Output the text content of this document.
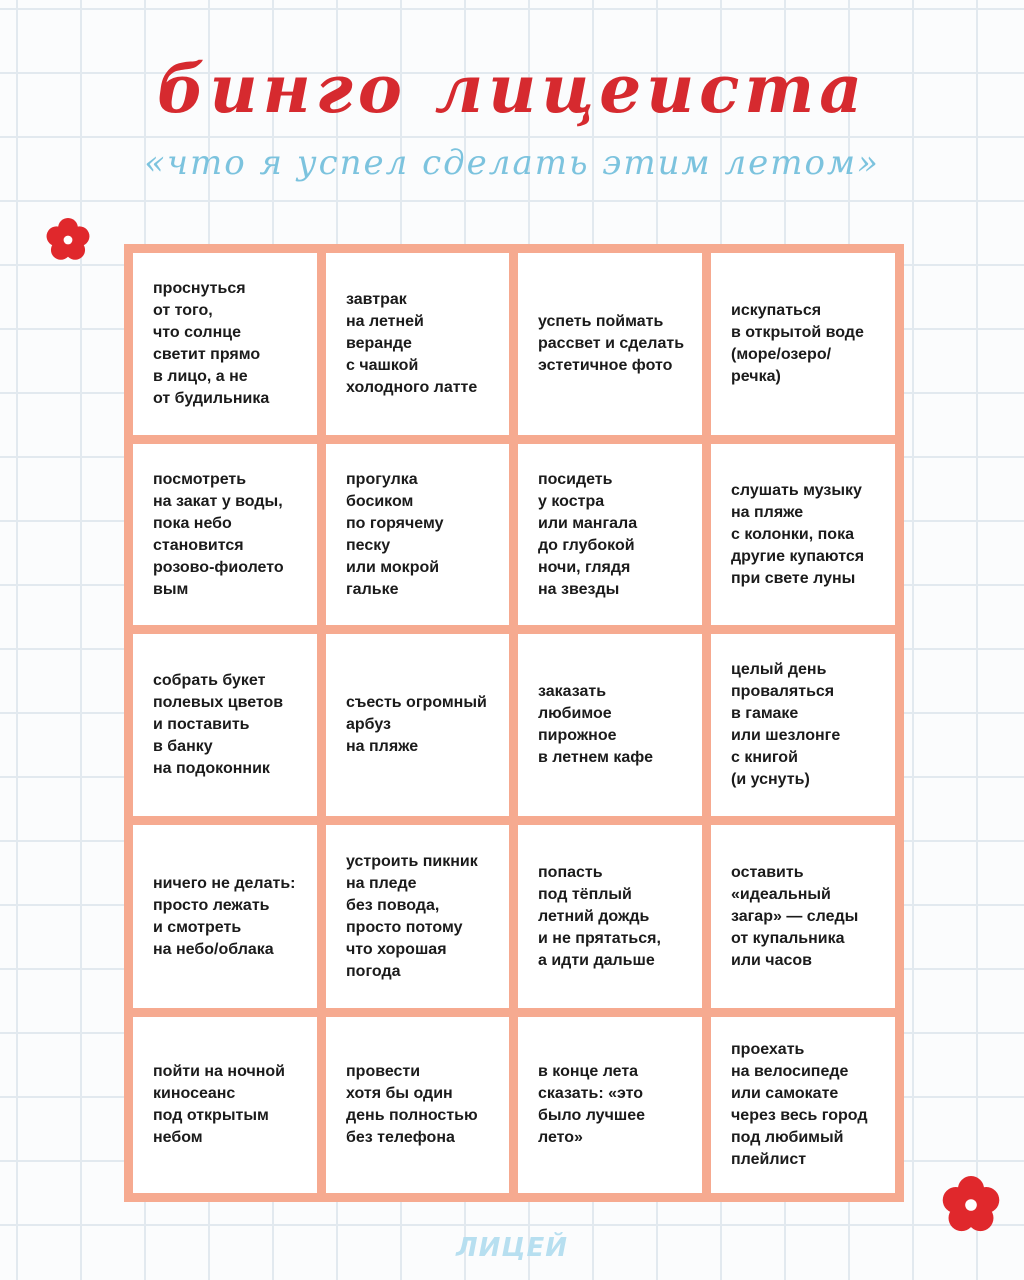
бинго лицеиста
«что я успел сделать этим летом»

проснуться
от того,
что солнце
светит прямо
в лицо, а не
от будильника

завтрак
на летней
веранде
с чашкой
холодного латте

успеть поймать
рассвет и сделать
эстетичное фото

искупаться
в открытой воде
(море/озеро/
речка)

посмотреть
на закат у воды,
пока небо
становится
розово-фиолето
вым

прогулка
босиком
по горячему
песку
или мокрой
гальке

посидеть
у костра
или мангала
до глубокой
ночи, глядя
на звезды

слушать музыку
на пляже
с колонки, пока
другие купаются
при свете луны

собрать букет
полевых цветов
и поставить
в банку
на подоконник

съесть огромный
арбуз
на пляже

заказать
любимое
пирожное
в летнем кафе

целый день
проваляться
в гамаке
или шезлонге
с книгой
(и уснуть)

ничего не делать:
просто лежать
и смотреть
на небо/облака

устроить пикник
на пледе
без повода,
просто потому
что хорошая
погода

попасть
под тёплый
летний дождь
и не прятаться,
а идти дальше

оставить
«идеальный
загар» — следы
от купальника
или часов

пойти на ночной
киносеанс
под открытым
небом

провести
хотя бы один
день полностью
без телефона

в конце лета
сказать: «это
было лучшее
лето»

проехать
на велосипеде
или самокате
через весь город
под любимый
плейлист

ЛИЦЕЙ
